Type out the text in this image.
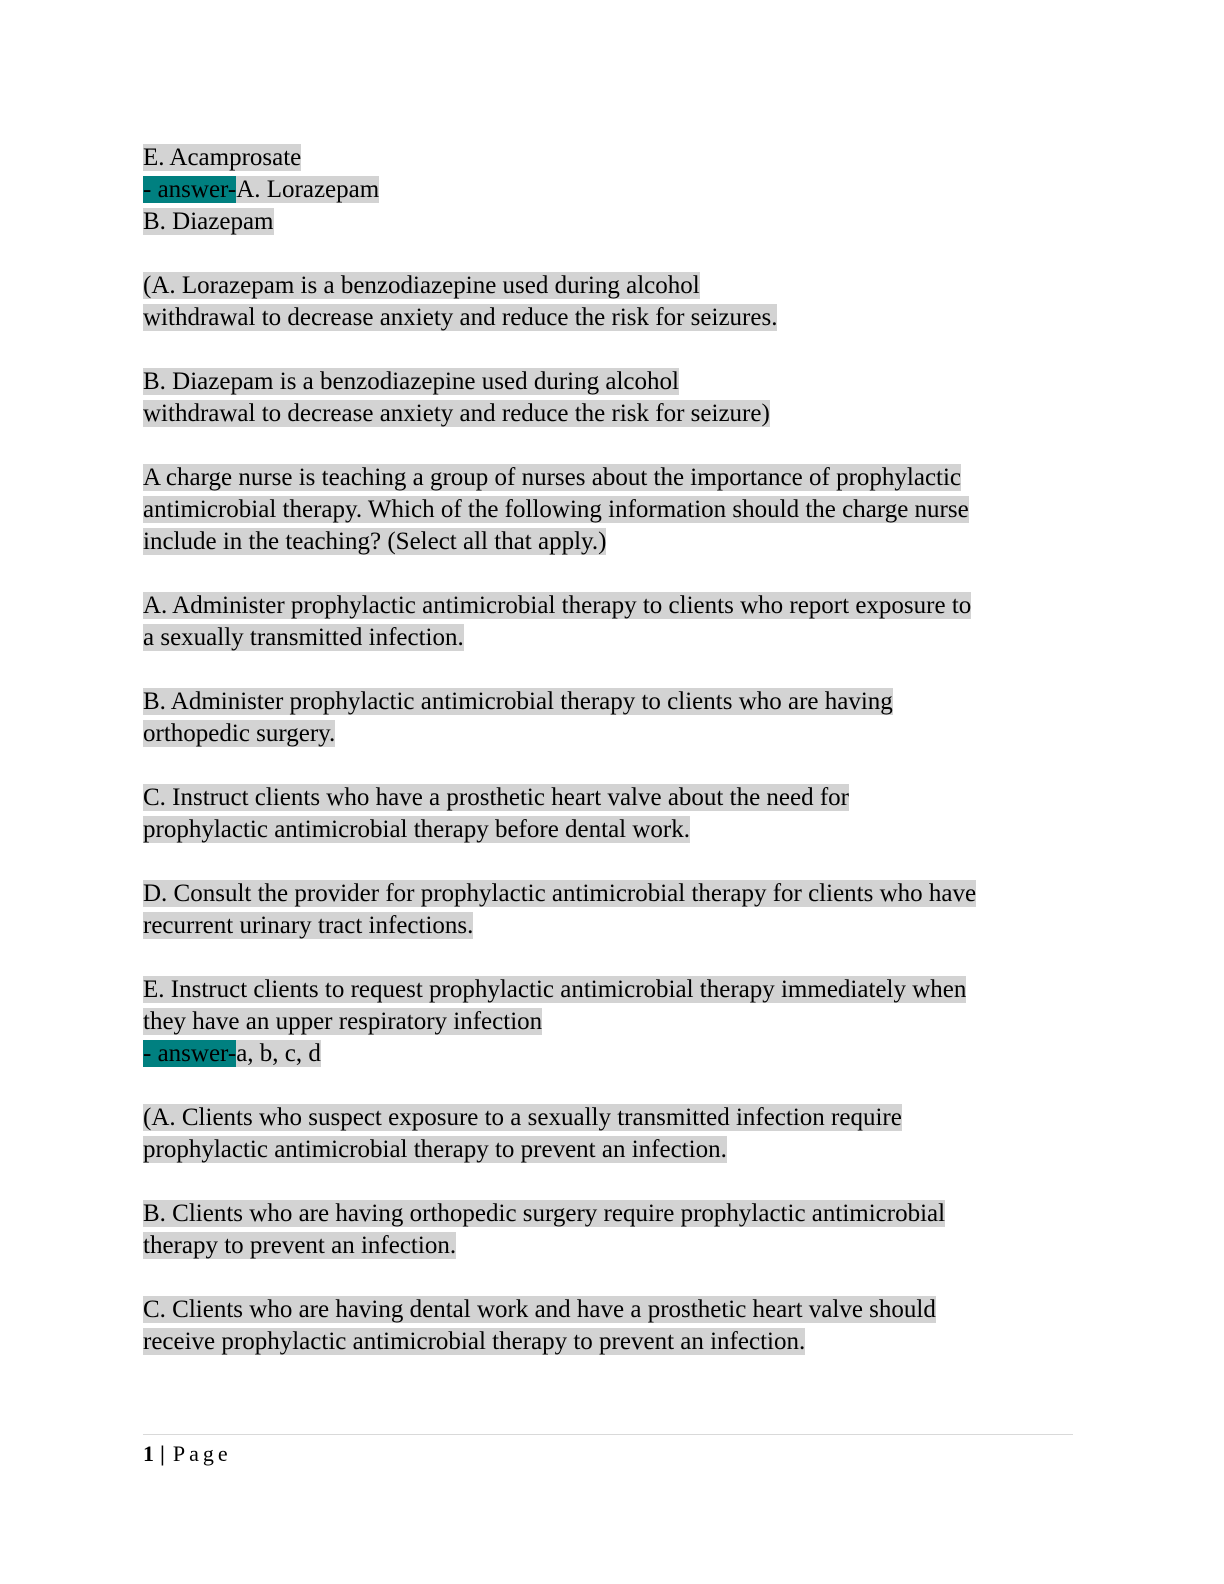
E. Acamprosate
- answer-A. Lorazepam
B. Diazepam
(A. Lorazepam is a benzodiazepine used during alcohol
withdrawal to decrease anxiety and reduce the risk for seizures.
B. Diazepam is a benzodiazepine used during alcohol
withdrawal to decrease anxiety and reduce the risk for seizure)
A charge nurse is teaching a group of nurses about the importance of prophylactic
antimicrobial therapy. Which of the following information should the charge nurse
include in the teaching? (Select all that apply.)
A. Administer prophylactic antimicrobial therapy to clients who report exposure to
a sexually transmitted infection.
B. Administer prophylactic antimicrobial therapy to clients who are having
orthopedic surgery.
C. Instruct clients who have a prosthetic heart valve about the need for
prophylactic antimicrobial therapy before dental work.
D. Consult the provider for prophylactic antimicrobial therapy for clients who have
recurrent urinary tract infections.
E. Instruct clients to request prophylactic antimicrobial therapy immediately when
they have an upper respiratory infection
- answer-a, b, c, d
(A. Clients who suspect exposure to a sexually transmitted infection require
prophylactic antimicrobial therapy to prevent an infection.
B. Clients who are having orthopedic surgery require prophylactic antimicrobial
therapy to prevent an infection.
C. Clients who are having dental work and have a prosthetic heart valve should
receive prophylactic antimicrobial therapy to prevent an infection.
1 | Page
